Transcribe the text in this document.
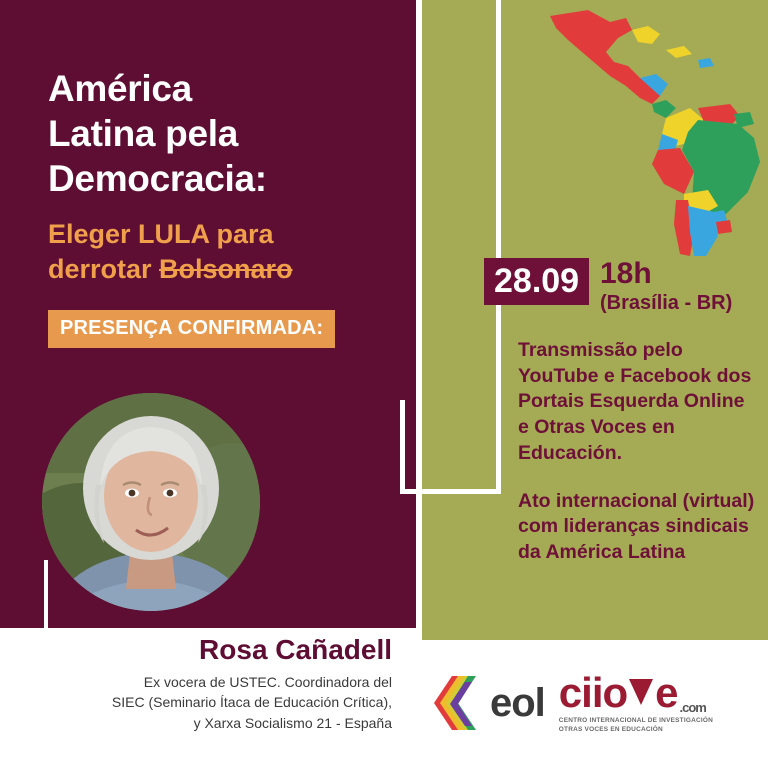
América
Latina pela
Democracia:

Eleger LULA para
derrotar Bolsonaro

PRESENÇA CONFIRMADA:

Rosa Cañadell

Ex vocera de USTEC. Coordinadora del
SIEC (Seminario Ítaca de Educación Crítica),
y Xarxa Socialismo 21 - España

28.09 18h

(Brasília - BR)

Transmissão pelo YouTube e Facebook dos Portais Esquerda Online e Otras Voces en Educación.

Ato internacional (virtual) com lideranças sindicais da América Latina

eol ci io e .com
CENTRO INTERNACIONAL DE INVESTIGACIÓN
OTRAS VOCES EN EDUCACIÓN
